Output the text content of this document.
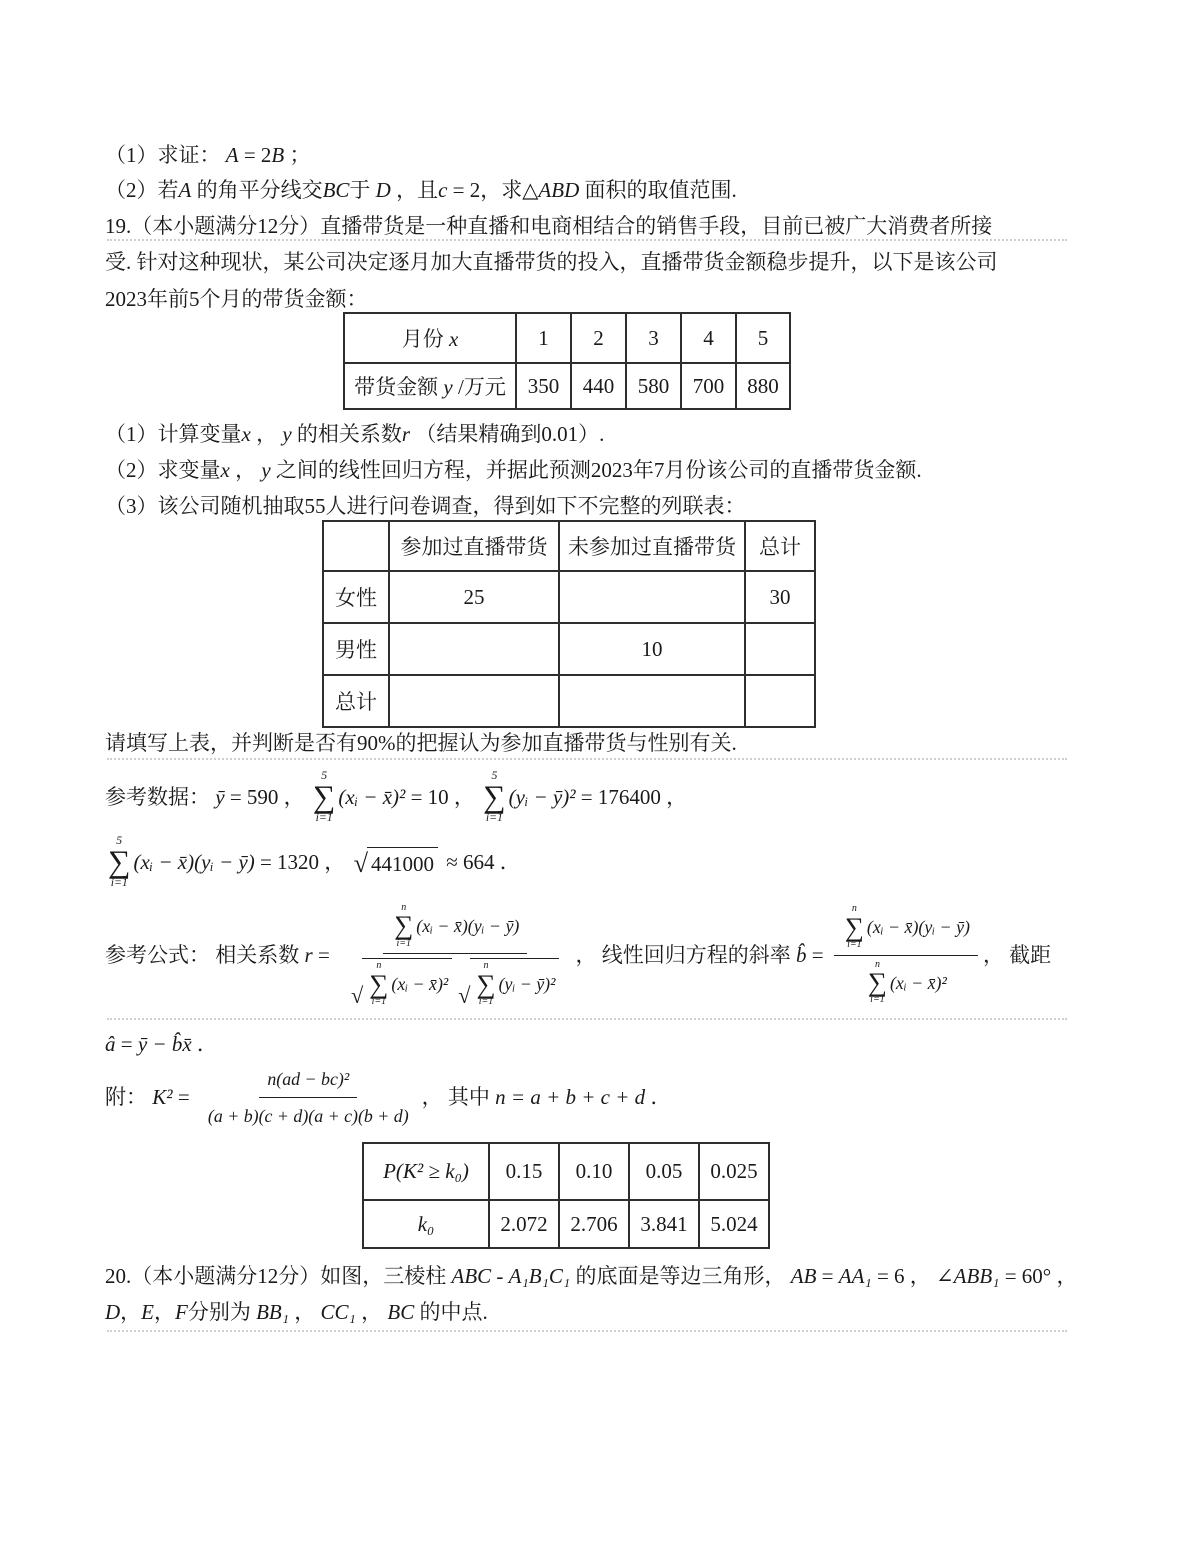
（1）求证： A = 2 B ；
（2）若 A 的角平分线交 BC 于 D ，且 c = 2，求△ ABD 面积的取值范围.
19.（本小题满分12分）直播带货是一种直播和电商相结合的销售手段，目前已被广大消费者所接
受. 针对这种现状，某公司决定逐月加大直播带货的投入，直播带货金额稳步提升，以下是该公司
2023年前5个月的带货金额：
月份 x	1	2	3	4	5
带货金额 y /万元	350	440	580	700	880
（1）计算变量 x ， y 的相关系数 r （结果精确到0.01）.
（2）求变量 x ， y 之间的线性回归方程，并据此预测2023年7月份该公司的直播带货金额.
（3）该公司随机抽取55人进行问卷调查，得到如下不完整的列联表：
	参加过直播带货	未参加过直播带货	总计
女性	25		30
男性		10	
总计			
请填写上表，并判断是否有90%的把握认为参加直播带货与性别有关.
参考数据： ȳ = 590 ，
5
∑
i=1
(xᵢ − x̄)² = 10 ，
5
∑
i=1
(yᵢ − ȳ)² = 176400 ，
5
∑
i=1
(xᵢ − x̄)(yᵢ − ȳ) = 1320 ， √ 441000 ≈ 664 ．
参考公式： 相关系数 r = n
∑
i=1
(xᵢ − x̄)(yᵢ − ȳ)
√
n
∑
i=1
(xᵢ − x̄)² √
n
∑
i=1
(yᵢ − ȳ)² ， 线性回归方程的斜率 b̂ = n
∑
i=1
(xᵢ − x̄)(yᵢ − ȳ)
n
∑
i=1
(xᵢ − x̄)² ， 截距
â = ȳ − b̂x̄ ．
附： $K^2 = \frac{\text{n(ad − bc)²}}{(a + b)(c + d)(a + c)(b + d)}$ ， 其中 n = a + b + c + d ．
P(K² ≥ k₀)	0.15	0.10	0.05	0.025
k₀	2.072	2.706	3.841	5.024
20.（本小题满分12分）如图，三棱柱 ABC - A₁B₁C₁ 的底面是等边三角形， AB = AA₁ = 6 ， ∠ ABB₁ = 60° ，
D ， E ， F 分别为 BB₁ ， CC₁ ， BC 的中点.
